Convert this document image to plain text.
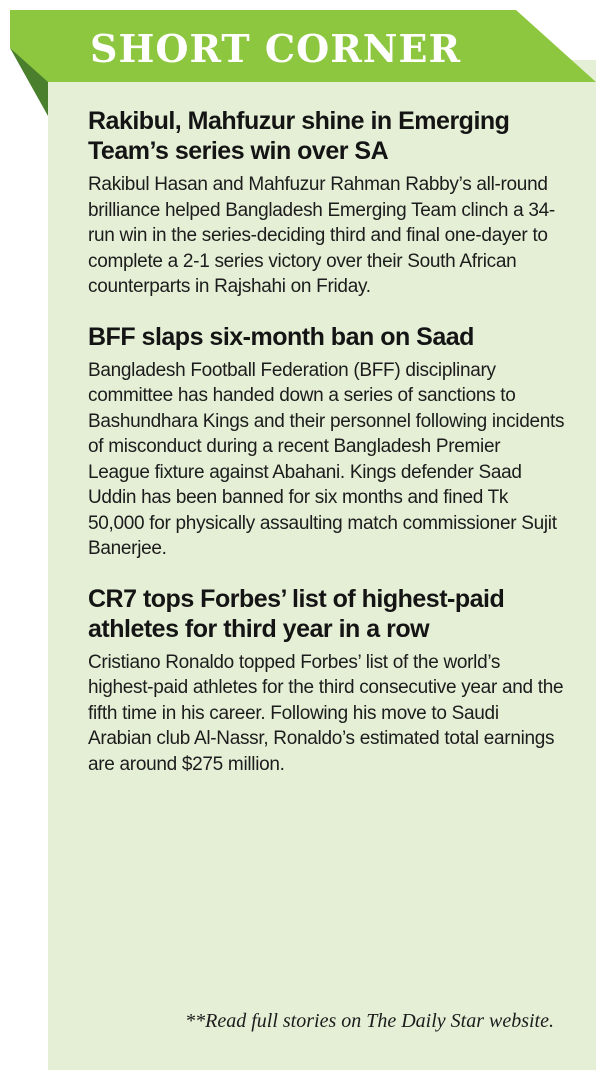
SHORT CORNER
Rakibul, Mahfuzur shine in Emerging Team’s series win over SA

Rakibul Hasan and Mahfuzur Rahman Rabby’s all-round brilliance helped Bangladesh Emerging Team clinch a 34-run win in the series-deciding third and final one-dayer to complete a 2-1 series victory over their South African counterparts in Rajshahi on Friday.

BFF slaps six-month ban on Saad

Bangladesh Football Federation (BFF) disciplinary committee has handed down a series of sanctions to Bashundhara Kings and their personnel following incidents of misconduct during a recent Bangladesh Premier League fixture against Abahani. Kings defender Saad Uddin has been banned for six months and fined Tk 50,000 for physically assaulting match commissioner Sujit Banerjee.

CR7 tops Forbes’ list of highest-paid athletes for third year in a row

Cristiano Ronaldo topped Forbes’ list of the world’s highest-paid athletes for the third consecutive year and the fifth time in his career. Following his move to Saudi Arabian club Al-Nassr, Ronaldo’s estimated total earnings are around $275 million.

**Read full stories on The Daily Star website.
